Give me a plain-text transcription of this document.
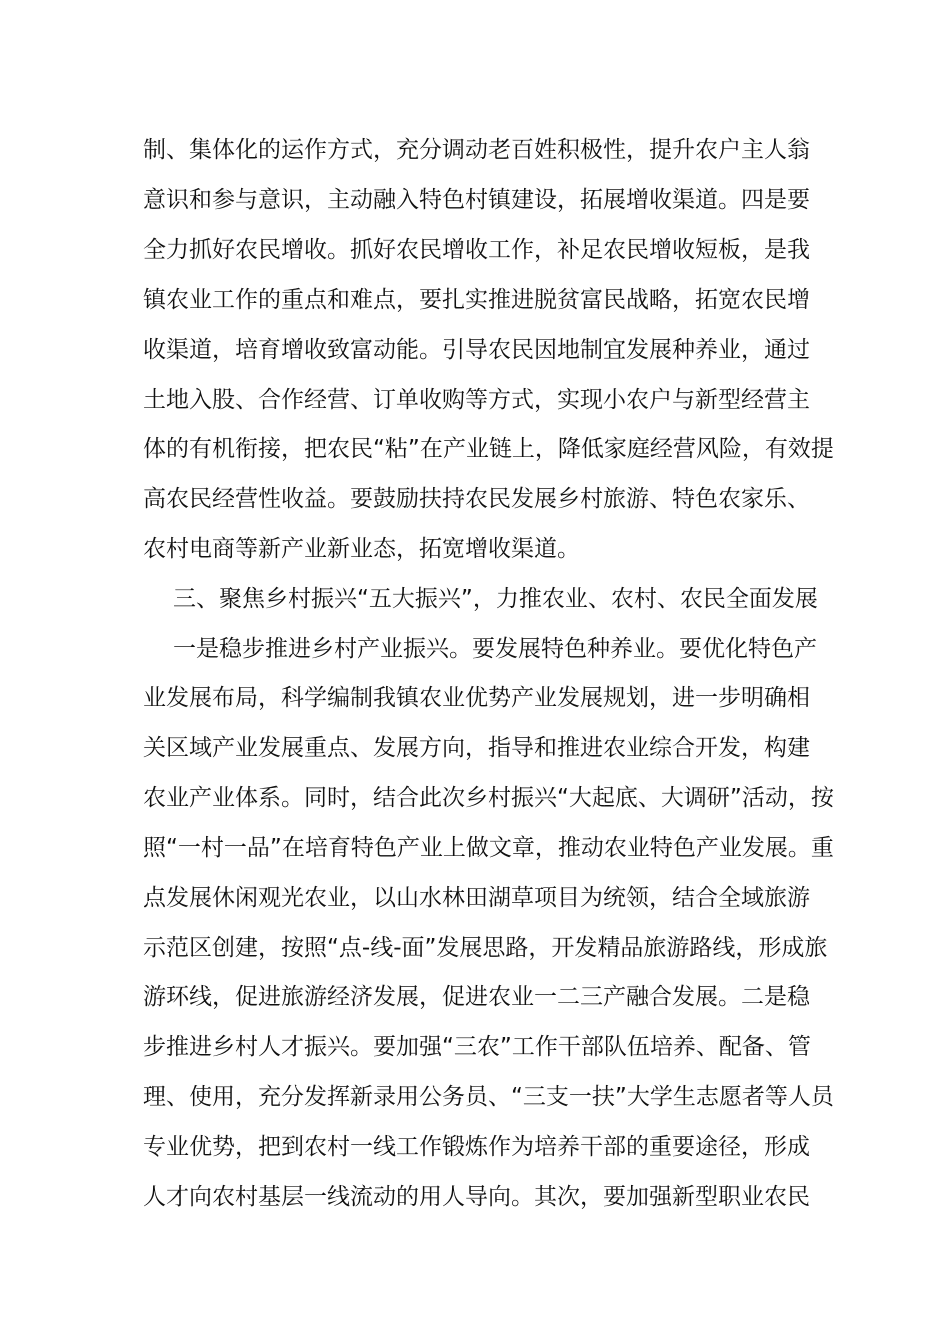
制、集体化的运作方式，充分调动老百姓积极性，提升农户主人翁
意识和参与意识，主动融入特色村镇建设，拓展增收渠道。四是要
全力抓好农民增收。抓好农民增收工作，补足农民增收短板，是我
镇农业工作的重点和难点，要扎实推进脱贫富民战略，拓宽农民增
收渠道，培育增收致富动能。引导农民因地制宜发展种养业，通过
土地入股、合作经营、订单收购等方式，实现小农户与新型经营主
体的有机衔接，把农民“粘”在产业链上，降低家庭经营风险，有效提
高农民经营性收益。要鼓励扶持农民发展乡村旅游、特色农家乐、
农村电商等新产业新业态，拓宽增收渠道。
三、聚焦乡村振兴“五大振兴”，力推农业、农村、农民全面发展
一是稳步推进乡村产业振兴。要发展特色种养业。要优化特色产
业发展布局，科学编制我镇农业优势产业发展规划，进一步明确相
关区域产业发展重点、发展方向，指导和推进农业综合开发，构建
农业产业体系。同时，结合此次乡村振兴“大起底、大调研”活动，按
照“一村一品”在培育特色产业上做文章，推动农业特色产业发展。重
点发展休闲观光农业，以山水林田湖草项目为统领，结合全域旅游
示范区创建，按照“点-线-面”发展思路，开发精品旅游路线，形成旅
游环线，促进旅游经济发展，促进农业一二三产融合发展。二是稳
步推进乡村人才振兴。要加强“三农”工作干部队伍培养、配备、管
理、使用，充分发挥新录用公务员、“三支一扶”大学生志愿者等人员
专业优势，把到农村一线工作锻炼作为培养干部的重要途径，形成
人才向农村基层一线流动的用人导向。其次，要加强新型职业农民
